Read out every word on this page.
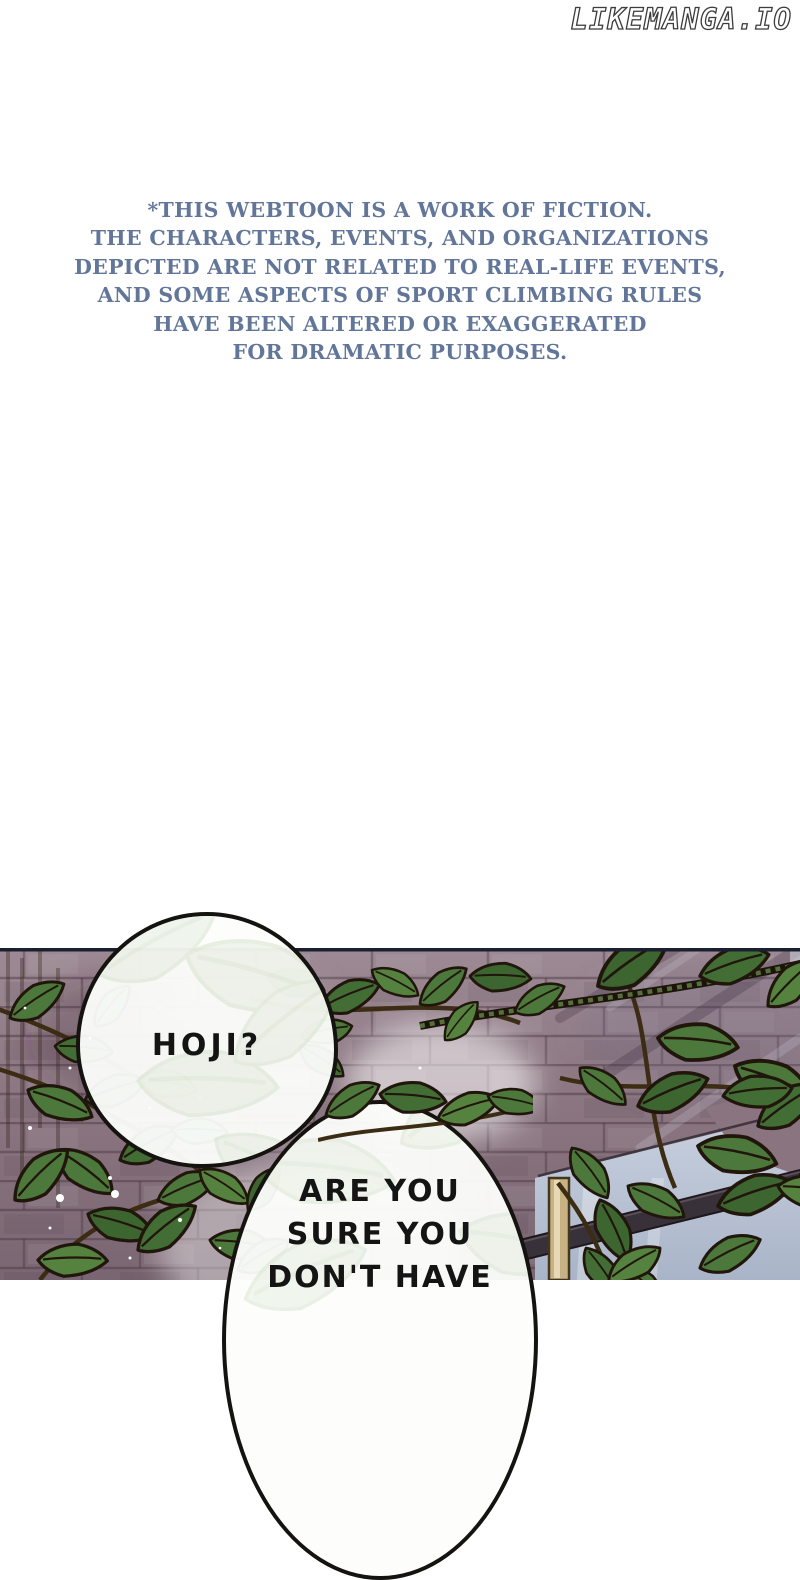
LIKEMANGA.IO
*THIS WEBTOON IS A WORK OF FICTION.
THE CHARACTERS, EVENTS, AND ORGANIZATIONS
DEPICTED ARE NOT RELATED TO REAL-LIFE EVENTS,
AND SOME ASPECTS OF SPORT CLIMBING RULES
HAVE BEEN ALTERED OR EXAGGERATED
FOR DRAMATIC PURPOSES.
HOJI?
ARE YOU
SURE YOU
DON'T HAVE
